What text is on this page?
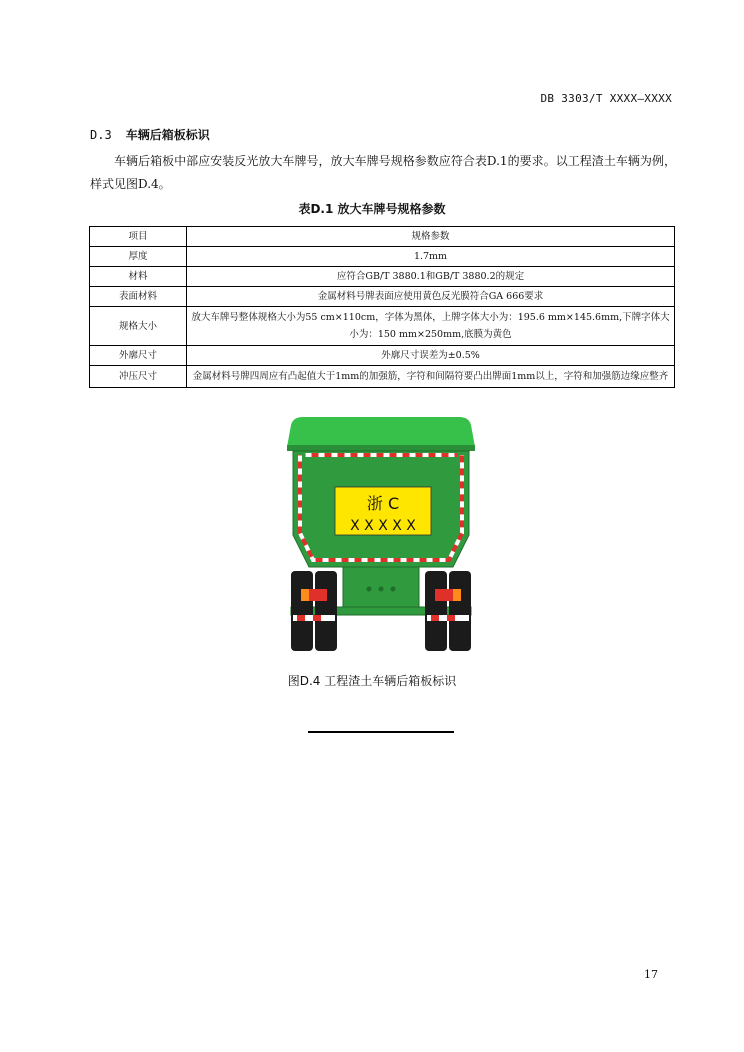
DB 3303/T XXXX—XXXX
D.3 车辆后箱板标识
车辆后箱板中部应安装反光放大车牌号，放大车牌号规格参数应符合表D.1的要求。以工程渣土车辆为例，样式见图D.4。
表D.1 放大车牌号规格参数
项目	规格参数
厚度	1.7mm
材料	应符合GB/T 3880.1和GB/T 3880.2的规定
表面材料	金属材料号牌表面应使用黄色反光膜符合GA 666要求
规格大小	放大车牌号整体规格大小为55 cm×110cm，字体为黑体，上牌字体大小为：195.6 mm×145.6mm,下牌字体大小为：150 mm×250mm,底膜为黄色
外廓尺寸	外廓尺寸误差为±0.5%
冲压尺寸	金属材料号牌四周应有凸起值大于1mm的加强筋，字符和间隔符要凸出牌面1mm以上，字符和加强筋边缘应整齐
浙 C
X X X X X
图D.4 工程渣土车辆后箱板标识
17
